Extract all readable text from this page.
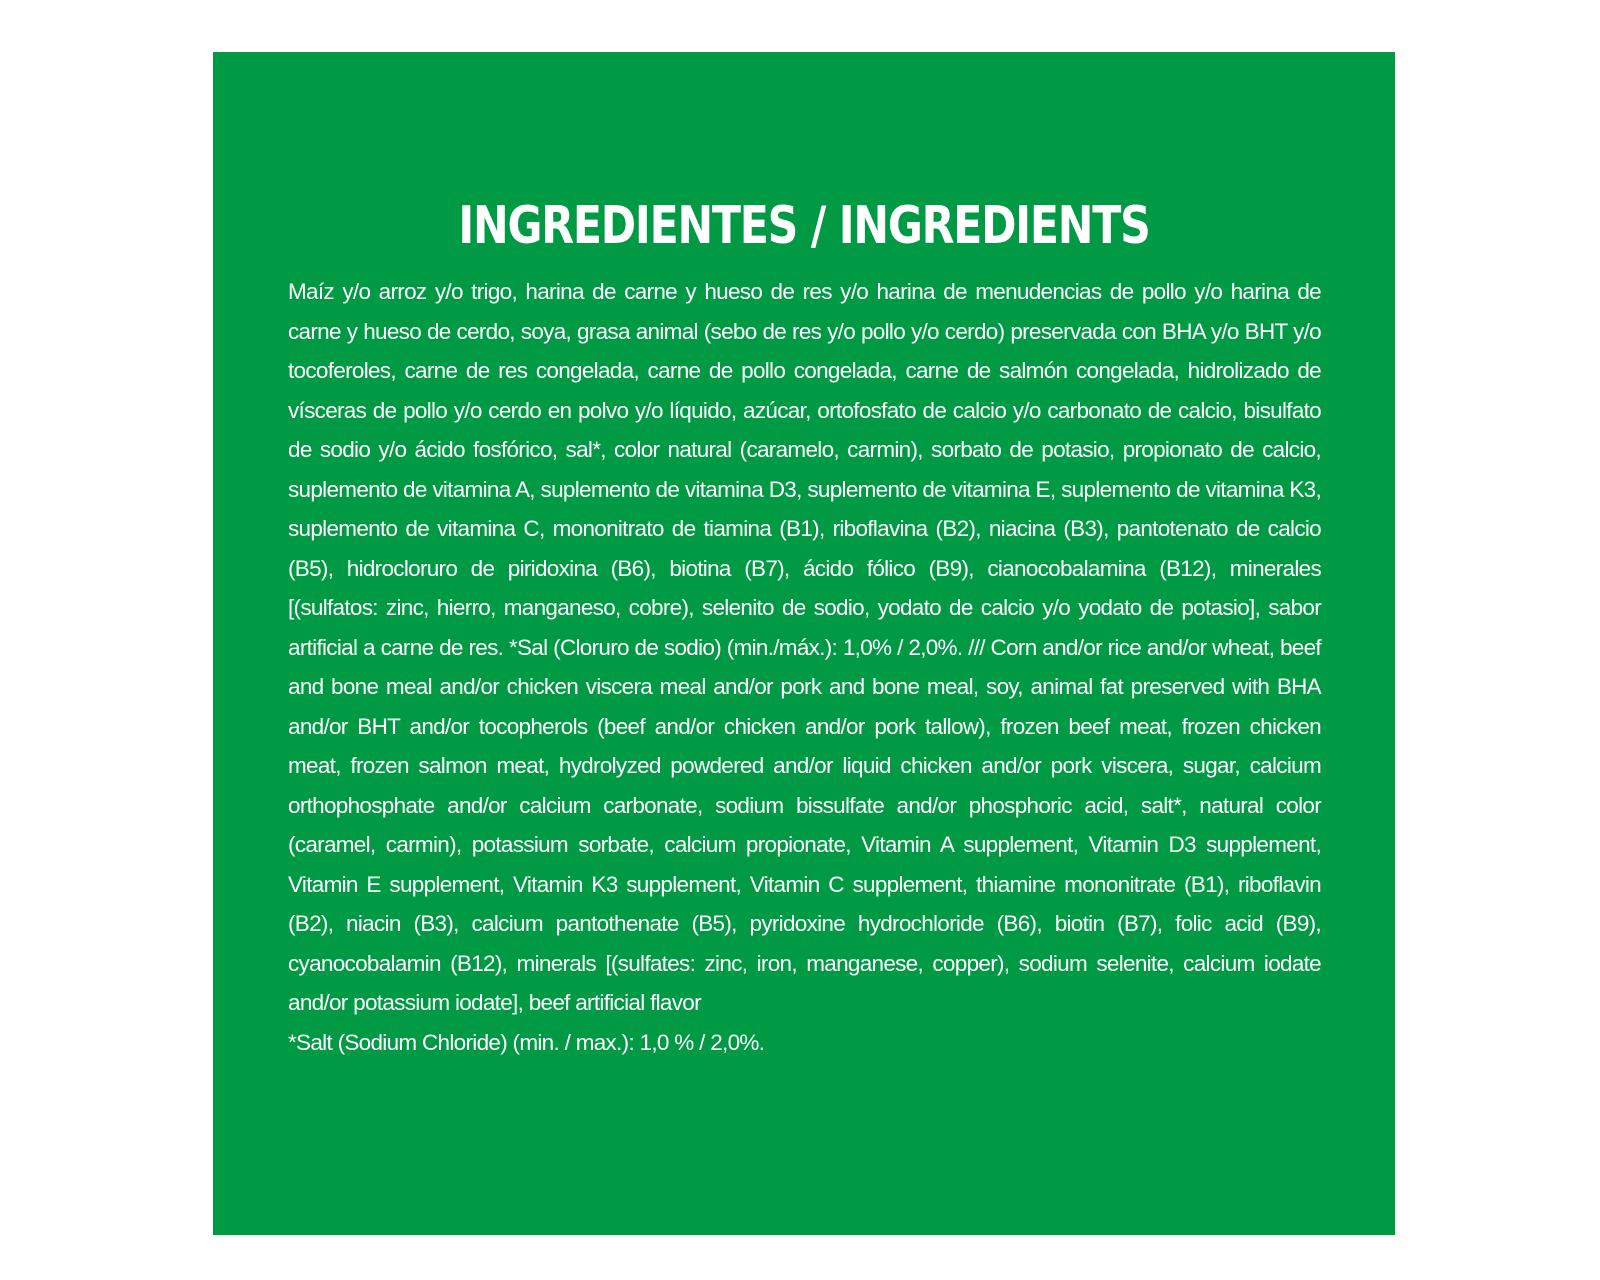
INGREDIENTES / INGREDIENTS

Maíz y/o arroz y/o trigo, harina de carne y hueso de res y/o harina de menudencias de pollo y/o harina de carne y hueso de cerdo, soya, grasa animal (sebo de res y/o pollo y/o cerdo) preservada con BHA y/o BHT y/o tocoferoles, carne de res congelada, carne de pollo congelada, carne de salmón congelada, hidrolizado de vísceras de pollo y/o cerdo en polvo y/o líquido, azúcar, ortofosfato de calcio y/o carbonato de calcio, bisulfato de sodio y/o ácido fosfórico, sal*, color natural (caramelo, carmin), sorbato de potasio, propionato de calcio, suplemento de vitamina A, suplemento de vitamina D3, suplemento de vitamina E, suplemento de vitamina K3, suplemento de vitamina C, mononitrato de tiamina (B1), riboflavina (B2), niacina (B3), pantotenato de calcio (B5), hidrocloruro de piridoxina (B6), biotina (B7), ácido fólico (B9), cianocobalamina (B12), minerales [(sulfatos: zinc, hierro, manganeso, cobre), selenito de sodio, yodato de calcio y/o yodato de potasio], sabor artificial a carne de res. *Sal (Cloruro de sodio) (min./máx.): 1,0% / 2,0%. /// Corn and/or rice and/or wheat, beef and bone meal and/or chicken viscera meal and/or pork and bone meal, soy, animal fat preserved with BHA and/or BHT and/or tocopherols (beef and/or chicken and/or pork tallow), frozen beef meat, frozen chicken meat, frozen salmon meat, hydrolyzed powdered and/or liquid chicken and/or pork viscera, sugar, calcium orthophosphate and/or calcium carbonate, sodium bissulfate and/or phosphoric acid, salt*, natural color (caramel, carmin), potassium sorbate, calcium propionate, Vitamin A supplement, Vitamin D3 supplement, Vitamin E supplement, Vitamin K3 supplement, Vitamin C supplement, thiamine mononitrate (B1), riboflavin (B2), niacin (B3), calcium pantothenate (B5), pyridoxine hydrochloride (B6), biotin (B7), folic acid (B9), cyanocobalamin (B12), minerals [(sulfates: zinc, iron, manganese, copper), sodium selenite, calcium iodate and/or potassium iodate], beef artificial flavor

*Salt (Sodium Chloride) (min. / max.): 1,0 % / 2,0%.
